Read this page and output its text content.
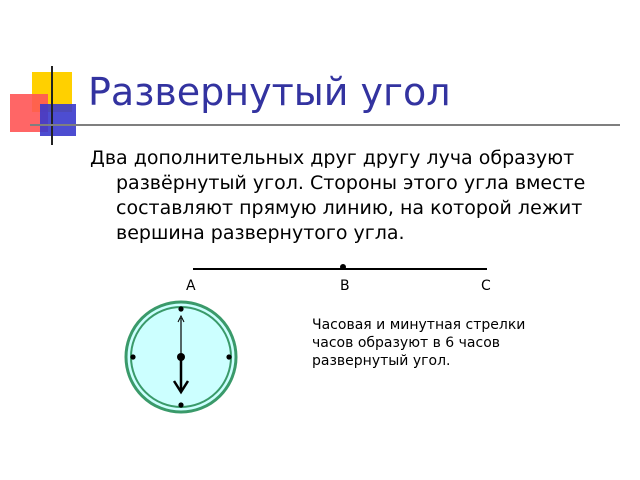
Развернутый угол
Два дополнительных друг другу луча образуют развёрнутый угол. Стороны этого угла вместе составляют прямую линию, на которой лежит вершина развернутого угла.
A	B	C
Часовая и минутная стрелки часов образуют в 6 часов развернутый угол.
